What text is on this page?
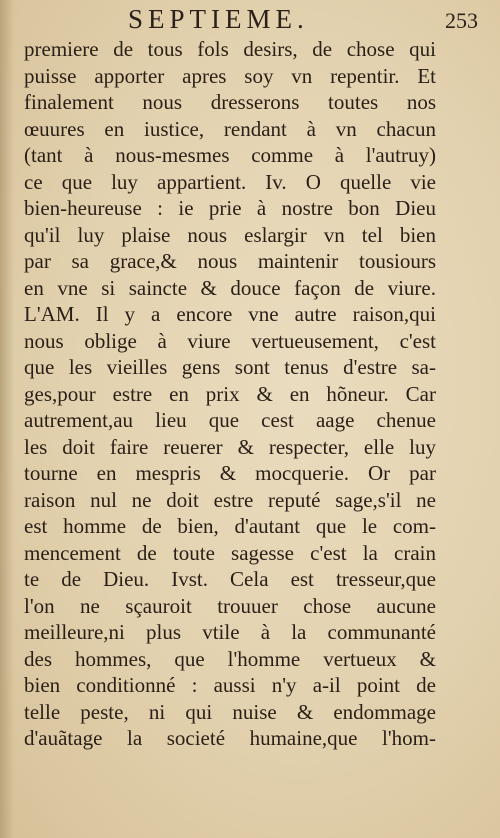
SEPTIEME.	253
premiere de tous fols desirs, de chose qui
puisse apporter apres soy vn repentir. Et
finalement nous dresserons toutes nos
œuures en iustice, rendant à vn chacun
(tant à nous-mesmes comme à l'autruy)
ce que luy appartient. Iv. O quelle vie
bien-heureuse : ie prie à nostre bon Dieu
qu'il luy plaise nous eslargir vn tel bien
par sa grace,& nous maintenir tousiours
en vne si saincte & douce façon de viure.
L'AM. Il y a encore vne autre raison,qui
nous oblige à viure vertueusement, c'est
que les vieilles gens sont tenus d'estre sa-
ges,pour estre en prix & en hõneur. Car
autrement,au lieu que cest aage chenue
les doit faire reuerer & respecter, elle luy
tourne en mespris & mocquerie. Or par
raison nul ne doit estre reputé sage,s'il ne
est homme de bien, d'autant que le com-
mencement de toute sagesse c'est la crain
te de Dieu. Ivst. Cela est tresseur,que
l'on ne sçauroit trouuer chose aucune
meilleure,ni plus vtile à la communanté
des hommes, que l'homme vertueux &
bien conditionné : aussi n'y a-il point de
telle peste, ni qui nuise & endommage
d'auãtage la societé humaine,que l'hom-
